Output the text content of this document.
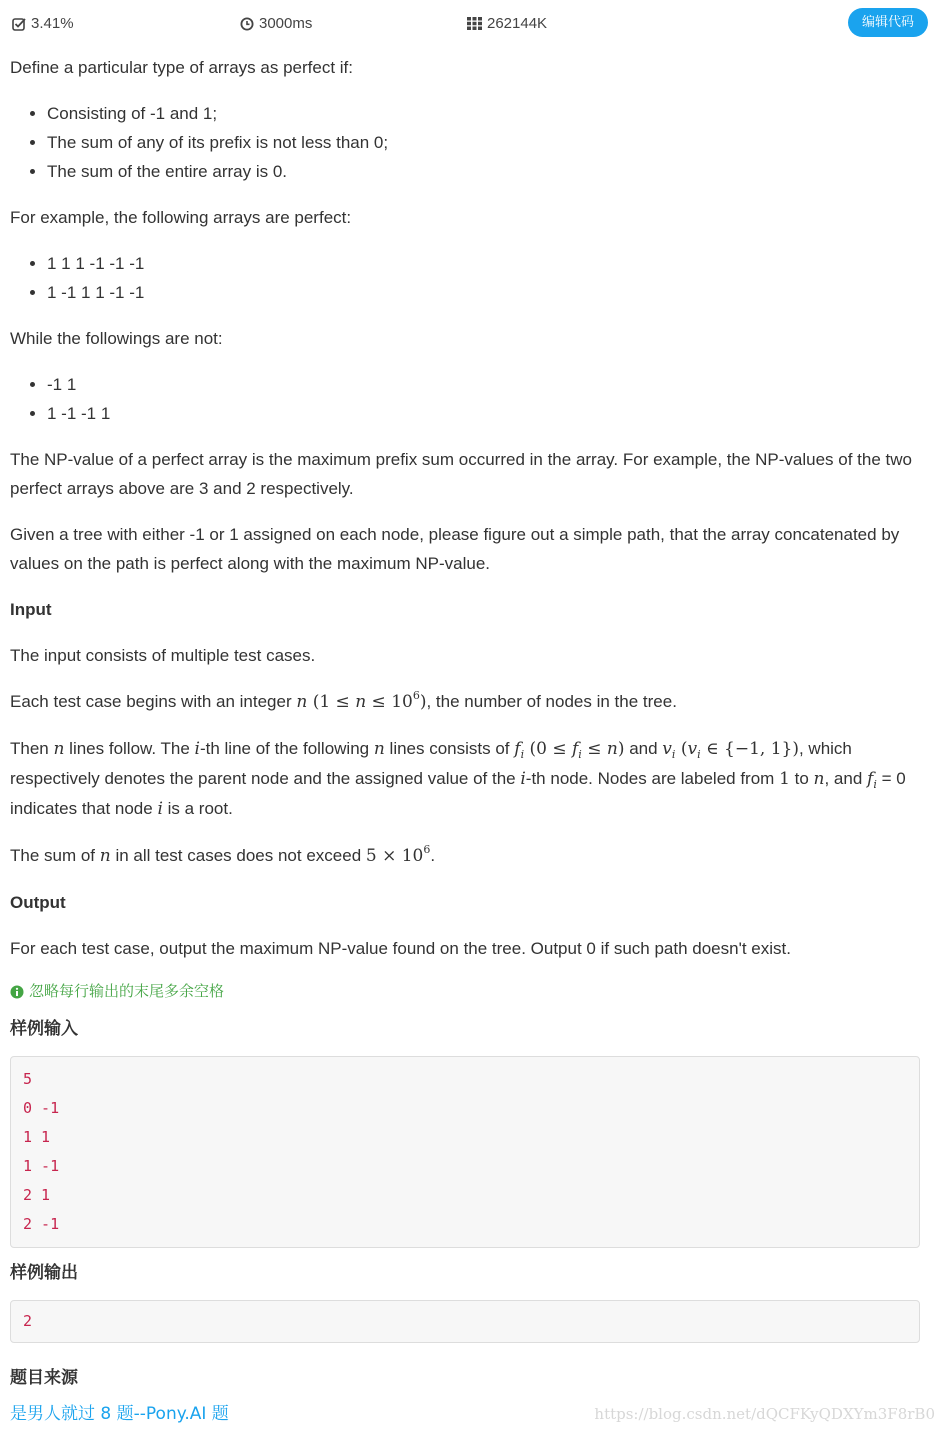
3.41%	3000ms	262144K	编辑代码

Define a particular type of arrays as perfect if:

• Consisting of -1 and 1;
• The sum of any of its prefix is not less than 0;
• The sum of the entire array is 0.

For example, the following arrays are perfect:

• 1 1 1 -1 -1 -1
• 1 -1 1 1 -1 -1

While the followings are not:

• -1 1
• 1 -1 -1 1

The NP-value of a perfect array is the maximum prefix sum occurred in the array. For example, the NP-values of the two perfect arrays above are 3 and 2 respectively.

Given a tree with either -1 or 1 assigned on each node, please figure out a simple path, that the array concatenated by values on the path is perfect along with the maximum NP-value.

Input

The input consists of multiple test cases.

Each test case begins with an integer n $(1 \le n \le 10^6)$, the number of nodes in the tree.

Then n lines follow. The i-th line of the following n lines consists of $f_i$ $(0 \le f_i \le n)$ and $v_i$ ($v_i$ ∈ {−1, 1}), which respectively denotes the parent node and the assigned value of the i-th node. Nodes are labeled from 1 to n, and $f_i = 0$ indicates that node i is a root.

The sum of n in all test cases does not exceed $5 \times 10^6$.

Output

For each test case, output the maximum NP-value found on the tree. Output 0 if such path doesn't exist.

忽略每行输出的末尾多余空格

样例输入

5
0 -1
1 1
1 -1
2 1
2 -1

样例输出

2

题目来源

是男人就过 8 题--Pony.AI 题	https://blog.csdn.net/dQCFKyQDXYm3F8rB0
